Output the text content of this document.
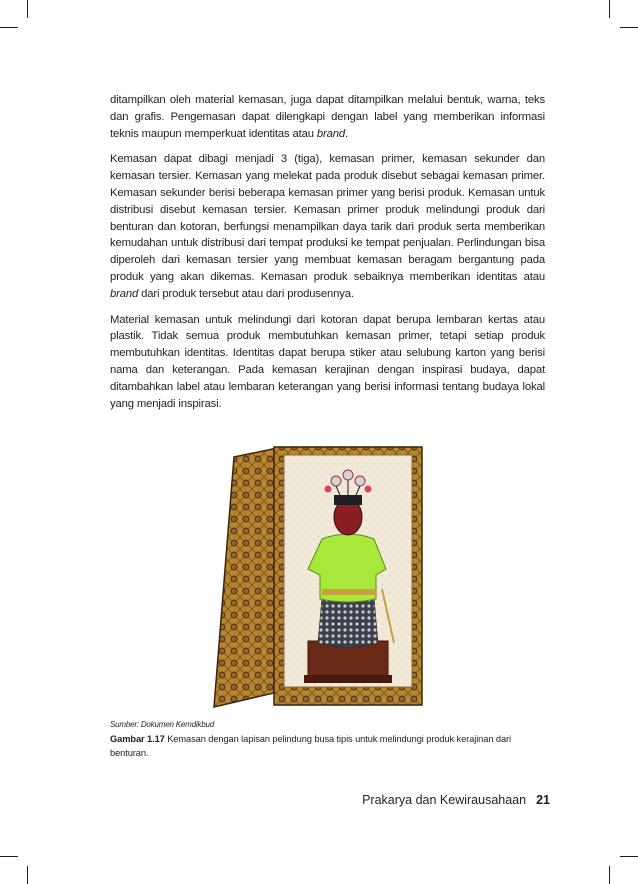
ditampilkan oleh material kemasan, juga dapat ditampilkan melalui bentuk, warna, teks dan grafis. Pengemasan dapat dilengkapi dengan label yang memberikan informasi teknis maupun memperkuat identitas atau brand.

Kemasan dapat dibagi menjadi 3 (tiga), kemasan primer, kemasan sekunder dan kemasan tersier. Kemasan yang melekat pada produk disebut sebagai kemasan primer. Kemasan sekunder berisi beberapa kemasan primer yang berisi produk. Kemasan untuk distribusi disebut kemasan tersier. Kemasan primer produk melindungi produk dari benturan dan kotoran, berfungsi menampilkan daya tarik dari produk serta memberikan kemudahan untuk distribusi dari tempat produksi ke tempat penjualan. Perlindungan bisa diperoleh dari kemasan tersier yang membuat kemasan beragam bergantung pada produk yang akan dikemas. Kemasan produk sebaiknya memberikan identitas atau brand dari produk tersebut atau dari produsennya.

Material kemasan untuk melindungi dari kotoran dapat berupa lembaran kertas atau plastik. Tidak semua produk membutuhkan kemasan primer, tetapi setiap produk membutuhkan identitas. Identitas dapat berupa stiker atau selubung karton yang berisi nama dan keterangan. Pada kemasan kerajinan dengan inspirasi budaya, dapat ditambahkan label atau lembaran keterangan yang berisi informasi tentang budaya lokal yang menjadi inspirasi.

Sumber: Dokumen Kemdikbud
Gambar 1.17 Kemasan dengan lapisan pelindung busa tipis untuk melindungi produk kerajinan dari benturan.
Prakarya dan Kewirausahaan 21
